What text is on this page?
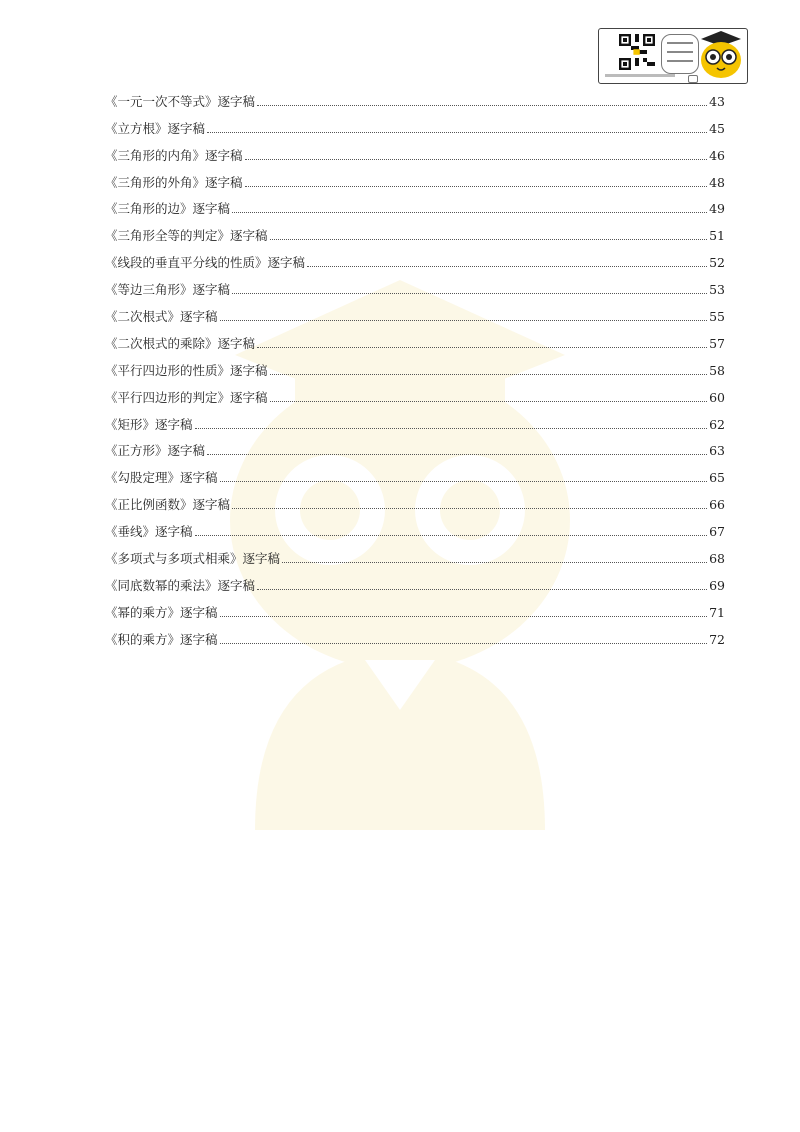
《一元一次不等式》逐字稿	43
《立方根》逐字稿	45
《三角形的内角》逐字稿	46
《三角形的外角》逐字稿	48
《三角形的边》逐字稿	49
《三角形全等的判定》逐字稿	51
《线段的垂直平分线的性质》逐字稿	52
《等边三角形》逐字稿	53
《二次根式》逐字稿	55
《二次根式的乘除》逐字稿	57
《平行四边形的性质》逐字稿	58
《平行四边形的判定》逐字稿	60
《矩形》逐字稿	62
《正方形》逐字稿	63
《勾股定理》逐字稿	65
《正比例函数》逐字稿	66
《垂线》逐字稿	67
《多项式与多项式相乘》逐字稿	68
《同底数幂的乘法》逐字稿	69
《幂的乘方》逐字稿	71
《积的乘方》逐字稿	72
